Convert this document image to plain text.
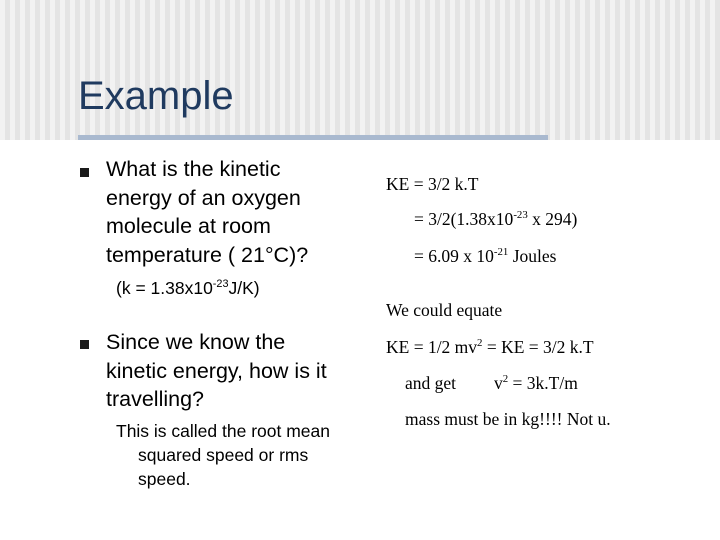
Example
What is the kinetic
energy of an oxygen
molecule at room
temperature ( 21°C)?
$(k = 1.38x10^{-23}J/K)$
Since we know the
kinetic energy, how is it
travelling?
This is called the root mean
squared speed or rms
speed.
KE = 3/2 k.T
= $3/2(1.38x10^{-23}$ x 294)
= 6.09 x $10^{-21}$ Joules
We could equate
KE = 1/2 $mv^2$ = KE = 3/2 k.T
and get $v^2 = 3k.T/m$
mass must be in kg!!!! Not u.
